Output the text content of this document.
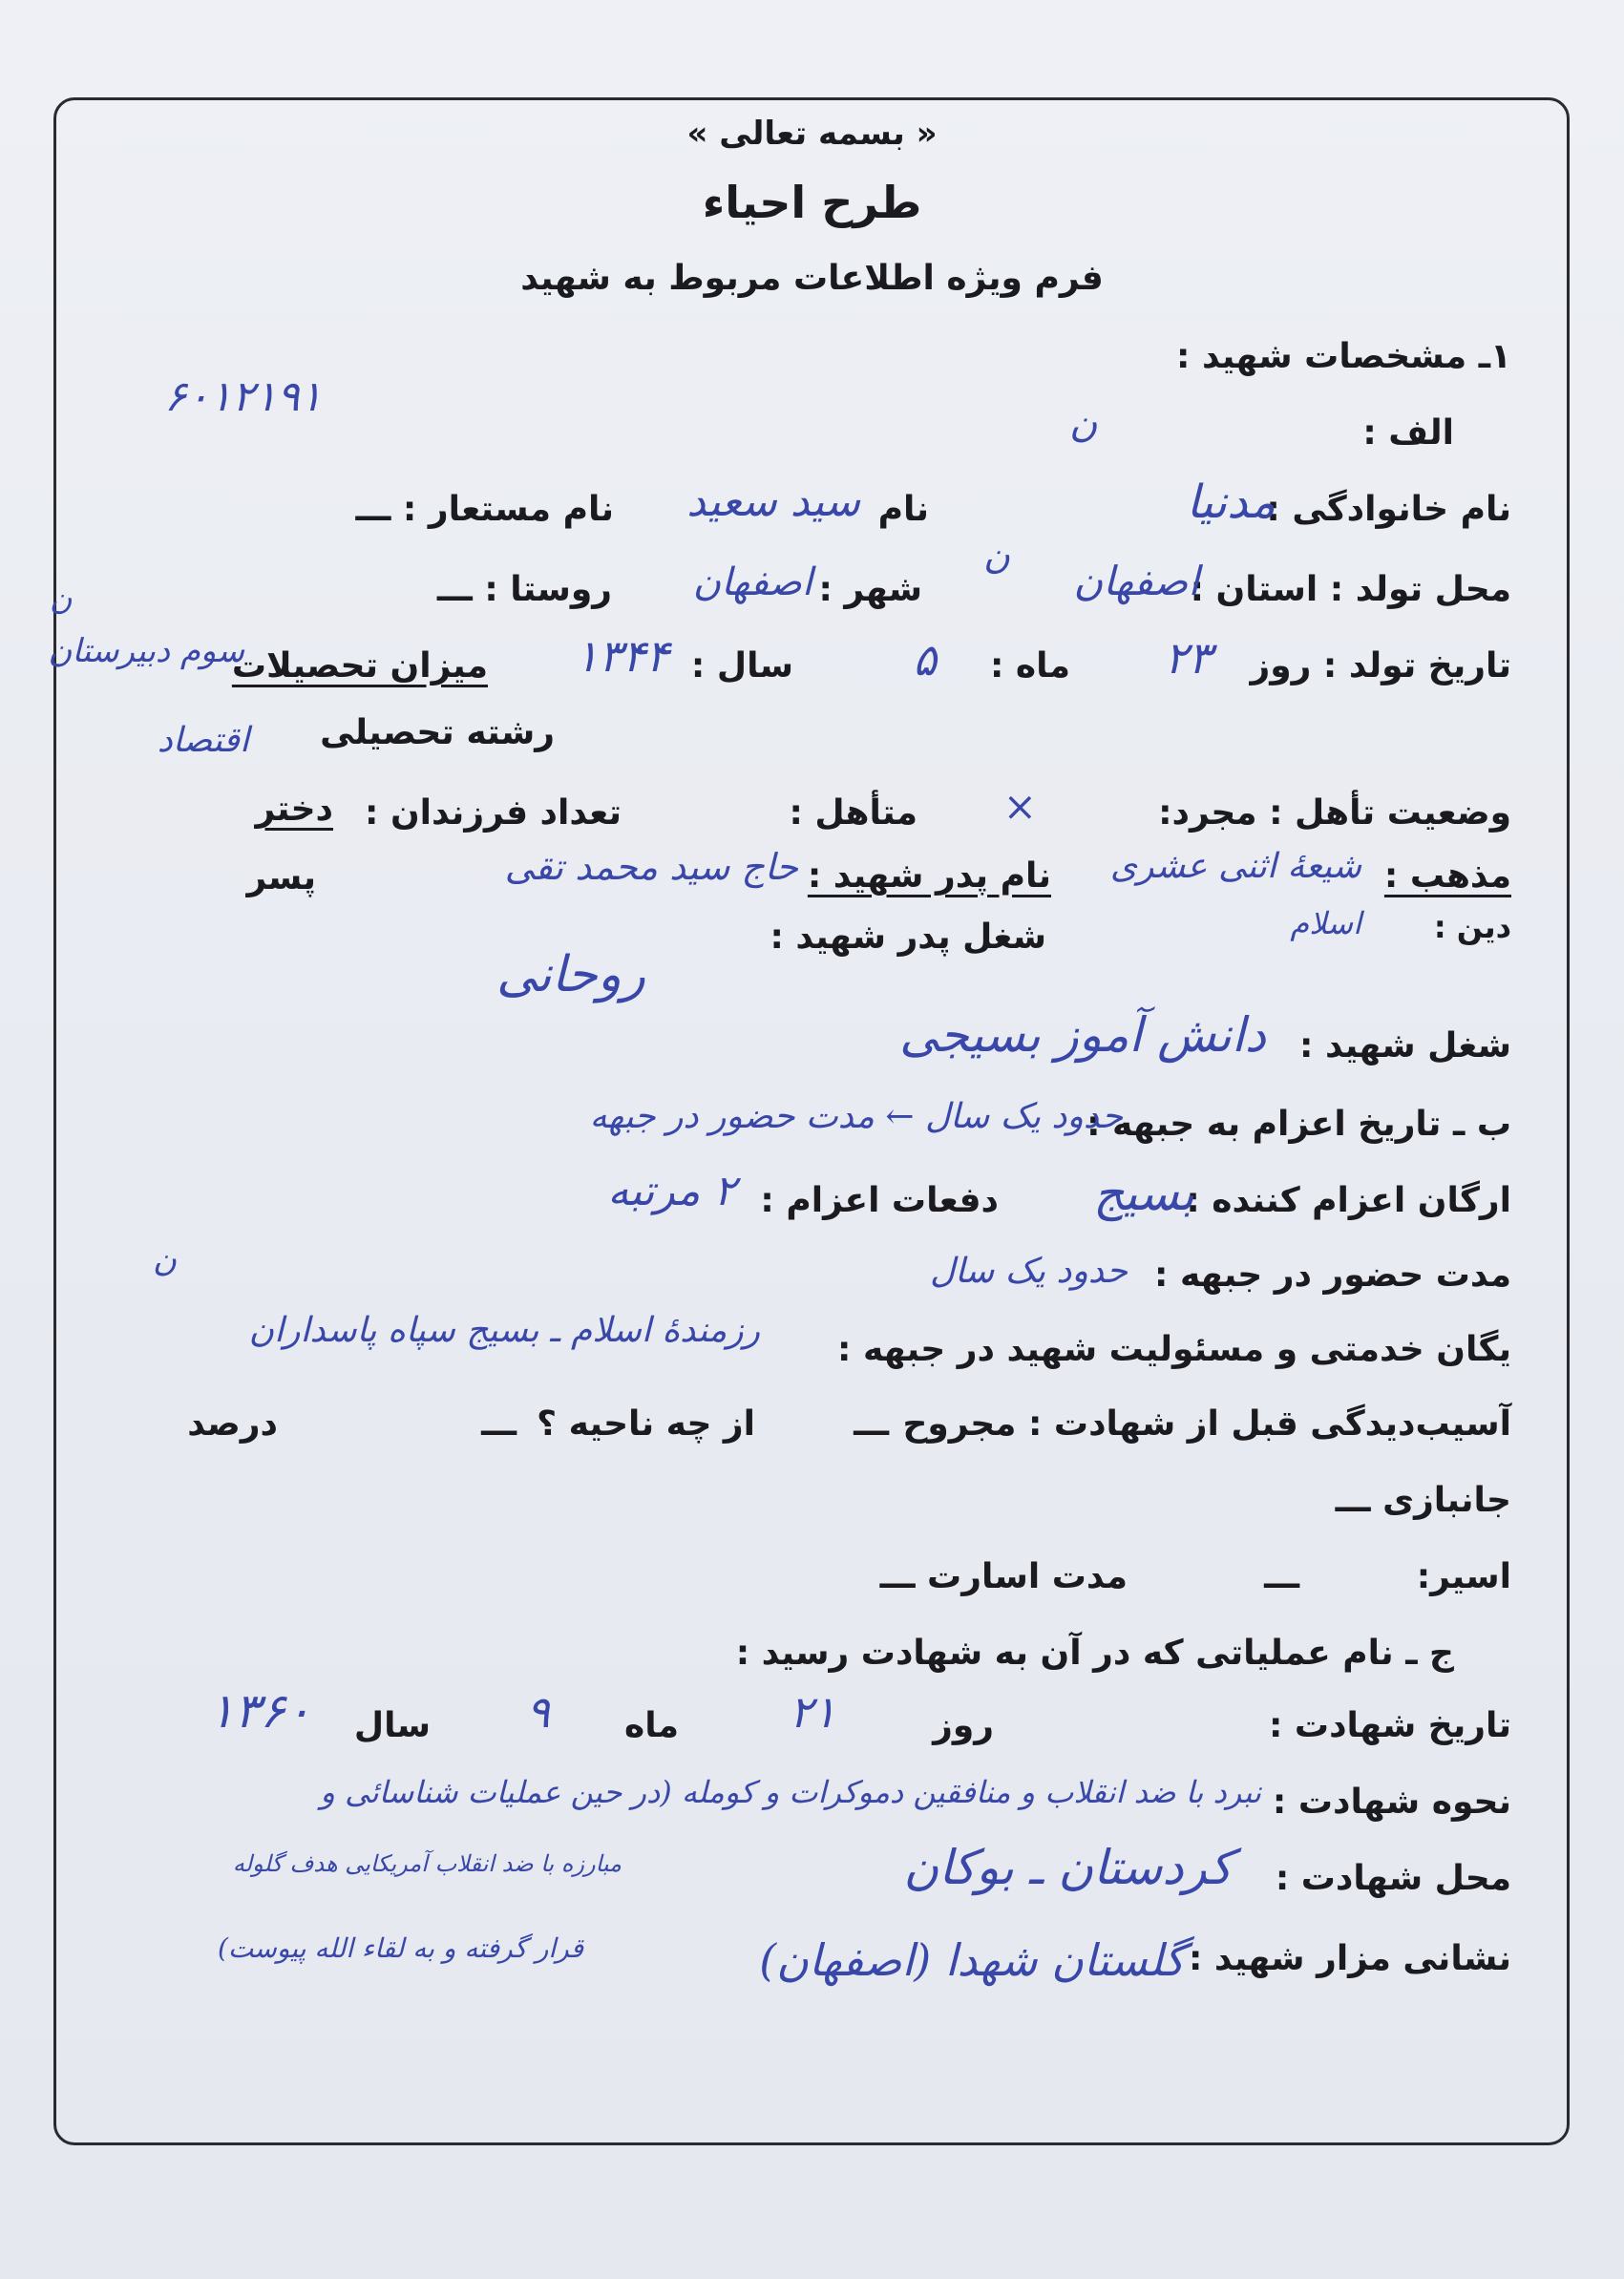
« بسمه تعالی »
طرح احیاء
فرم ویژه اطلاعات مربوط به شهید
۱ـ مشخصات شهید :
۶۰۱۲۱۹۱
الف :
ن
نام خانوادگی :
مدنیا
نام
سید سعید
نام مستعار : ـــ
ن
محل تولد : استان :
اصفهان
شهر :
اصفهان
روستا : ـــ
ن
تاریخ تولد : روز
۲۳
ماه :
۵
سال :
۱۳۴۴
میزان تحصیلات
سوم دبیرستان
رشته تحصیلی
اقتصاد
وضعیت تأهل : مجرد:
×
متأهل :
تعداد فرزندان :
دختر
مذهب :
شیعهٔ اثنی عشری
نام پدر شهید :
حاج سید محمد تقی
پسر
دین :
اسلام
شغل پدر شهید :
روحانی
شغل شهید :
دانش آموز بسیجی
ب ـ تاریخ اعزام به جبهه :
حدود یک سال ← مدت حضور در جبهه
ارگان اعزام کننده :
بسیج
دفعات اعزام :
۲ مرتبه
ن	مدت حضور در جبهه :
حدود یک سال
یگان خدمتی و مسئولیت شهید در جبهه :
رزمندهٔ اسلام ـ بسیج سپاه پاسداران
آسیب‌دیدگی قبل از شهادت : مجروح
ـــ
از چه ناحیه ؟
ـــ
درصد
جانبازی ـــ
اسیر:
ـــ
مدت اسارت ـــ
ج ـ نام عملیاتی که در آن به شهادت رسید :
تاریخ شهادت :
روز
۲۱
ماه
۹
سال
۱۳۶۰
نحوه شهادت :
نبرد با ضد انقلاب و منافقین دموکرات و کومله (در حین عملیات شناسائی و
مبارزه با ضد انقلاب آمریکایی هدف گلوله	محل شهادت :
کردستان ـ بوکان
نشانی مزار شهید :
گلستان شهدا (اصفهان)
قرار گرفته و به لقاء الله پیوست)
